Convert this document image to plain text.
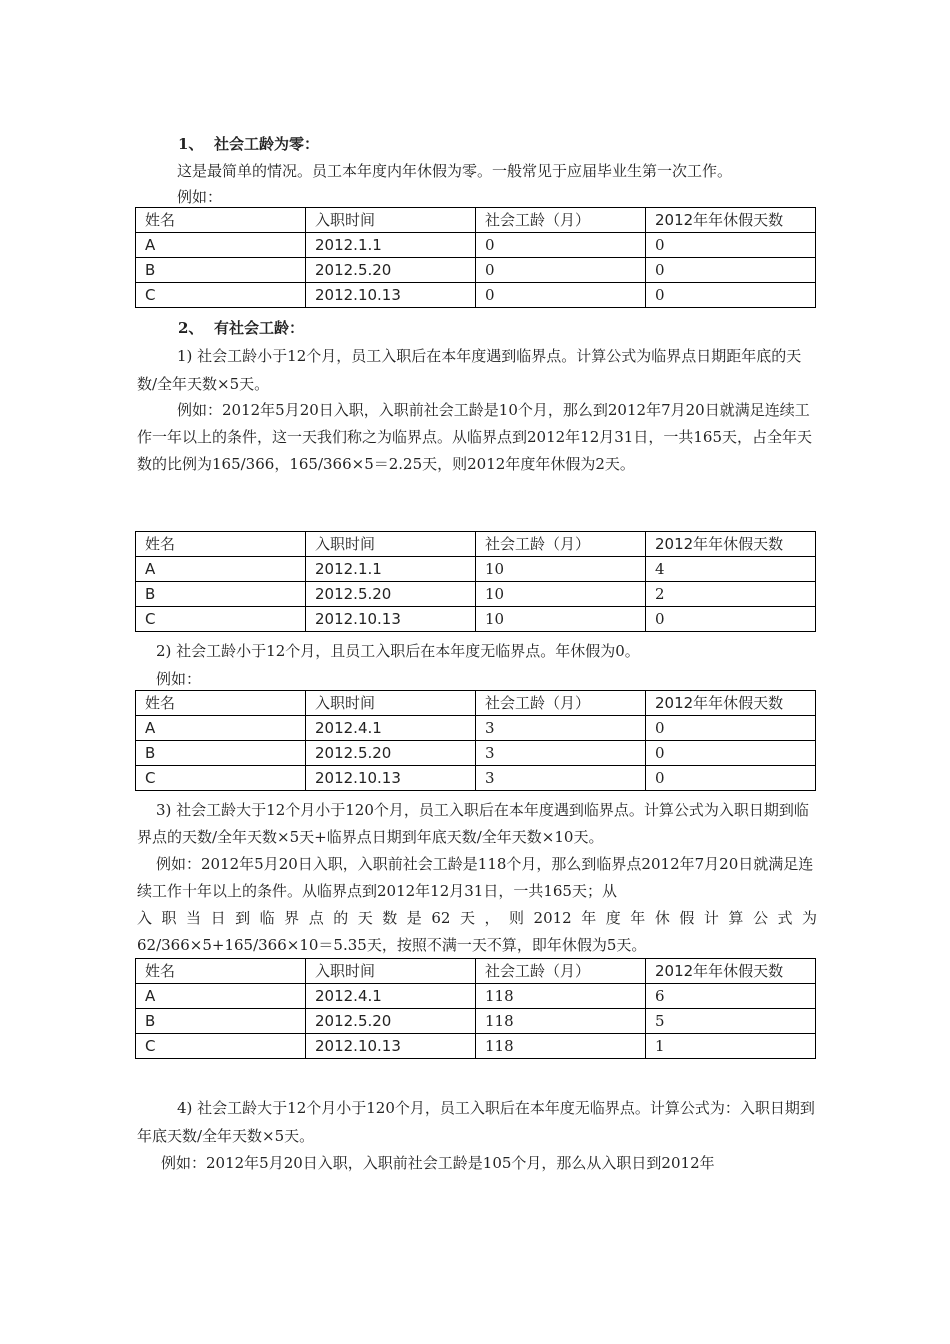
1、 社会工龄为零：

这是最简单的情况。员工本年度内年休假为零。一般常见于应届毕业生第一次工作。

例如：

姓名	入职时间	社会工龄（月）	2012年年休假天数
A	2012.1.1	0	0
B	2012.5.20	0	0
C	2012.10.13	0	0

2、 有社会工龄：

1) 社会工龄小于12个月，员工入职后在本年度遇到临界点。计算公式为临界点日期距年底的天数/全年天数×5天。

例如：2012年5月20日入职，入职前社会工龄是10个月，那么到2012年7月20日就满足连续工作一年以上的条件，这一天我们称之为临界点。从临界点到2012年12月31日，一共165天，占全年天数的比例为165/366，165/366×5＝2.25天，则2012年度年休假为2天。

姓名	入职时间	社会工龄（月）	2012年年休假天数
A	2012.1.1	10	4
B	2012.5.20	10	2
C	2012.10.13	10	0

2) 社会工龄小于12个月，且员工入职后在本年度无临界点。年休假为0。

例如：

姓名	入职时间	社会工龄（月）	2012年年休假天数
A	2012.4.1	3	0
B	2012.5.20	3	0
C	2012.10.13	3	0

3) 社会工龄大于12个月小于120个月，员工入职后在本年度遇到临界点。计算公式为入职日期到临界点的天数/全年天数×5天+临界点日期到年底天数/全年天数×10天。

例如：2012年5月20日入职，入职前社会工龄是118个月，那么到临界点2012年7月20日就满足连续工作十年以上的条件。从临界点到2012年12月31日，一共165天；从

入职当日到临界点的天数是62天，则2012年度年休假计算公式为

62/366×5+165/366×10＝5.35天，按照不满一天不算，即年休假为5天。

姓名	入职时间	社会工龄（月）	2012年年休假天数
A	2012.4.1	118	6
B	2012.5.20	118	5
C	2012.10.13	118	1

4) 社会工龄大于12个月小于120个月，员工入职后在本年度无临界点。计算公式为：入职日期到年底天数/全年天数×5天。

例如：2012年5月20日入职，入职前社会工龄是105个月，那么从入职日到2012年
